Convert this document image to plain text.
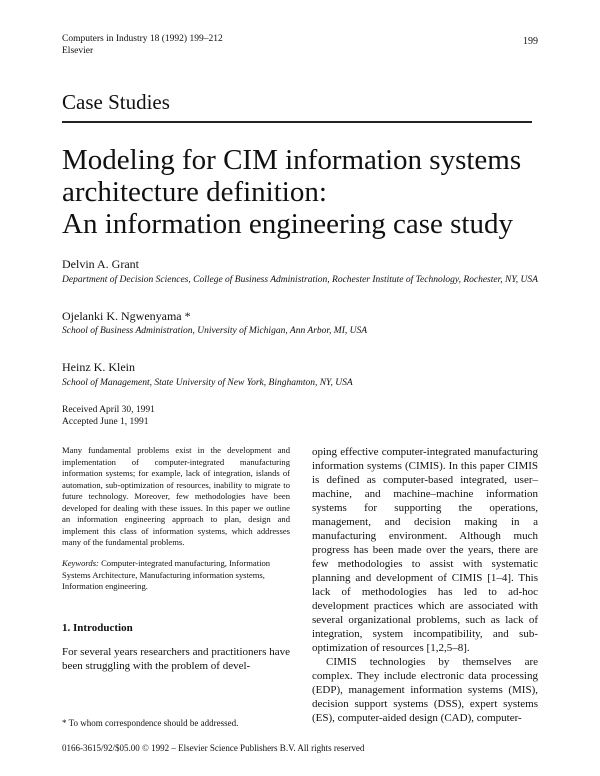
Computers in Industry 18 (1992) 199–212
Elsevier
199
Case Studies
Modeling for CIM information systems
architecture definition:
An information engineering case study
Delvin A. Grant
Department of Decision Sciences, College of Business Administration, Rochester Institute of Technology, Rochester, NY, USA
Ojelanki K. Ngwenyama *
School of Business Administration, University of Michigan, Ann Arbor, MI, USA
Heinz K. Klein
School of Management, State University of New York, Binghamton, NY, USA
Received April 30, 1991
Accepted June 1, 1991
Many fundamental problems exist in the development and implementation of computer-integrated manufacturing information systems; for example, lack of integration, islands of automation, sub-optimization of resources, inability to migrate to future technology. Moreover, few methodologies have been developed for dealing with these issues. In this paper we outline an information engineering approach to plan, design and implement this class of information systems, which addresses many of the fundamental problems.
Keywords: Computer-integrated manufacturing, Information Systems Architecture, Manufacturing information systems, Information engineering.
1. Introduction
For several years researchers and practitioners have been struggling with the problem of devel-
* To whom correspondence should be addressed.

oping effective computer-integrated manufacturing information systems (CIMIS). In this paper CIMIS is defined as computer-based integrated, user–machine, and machine–machine information systems for supporting the operations, management, and decision making in a manufacturing environment. Although much progress has been made over the years, there are few methodologies to assist with systematic planning and development of CIMIS [1–4]. This lack of methodologies has led to ad-hoc development practices which are associated with several organizational problems, such as lack of integration, system incompatibility, and sub-optimization of resources [1,2,5–8].

CIMIS technologies by themselves are complex. They include electronic data processing (EDP), management information systems (MIS), decision support systems (DSS), expert systems (ES), computer-aided design (CAD), computer-

0166-3615/92/$05.00 © 1992 – Elsevier Science Publishers B.V. All rights reserved
